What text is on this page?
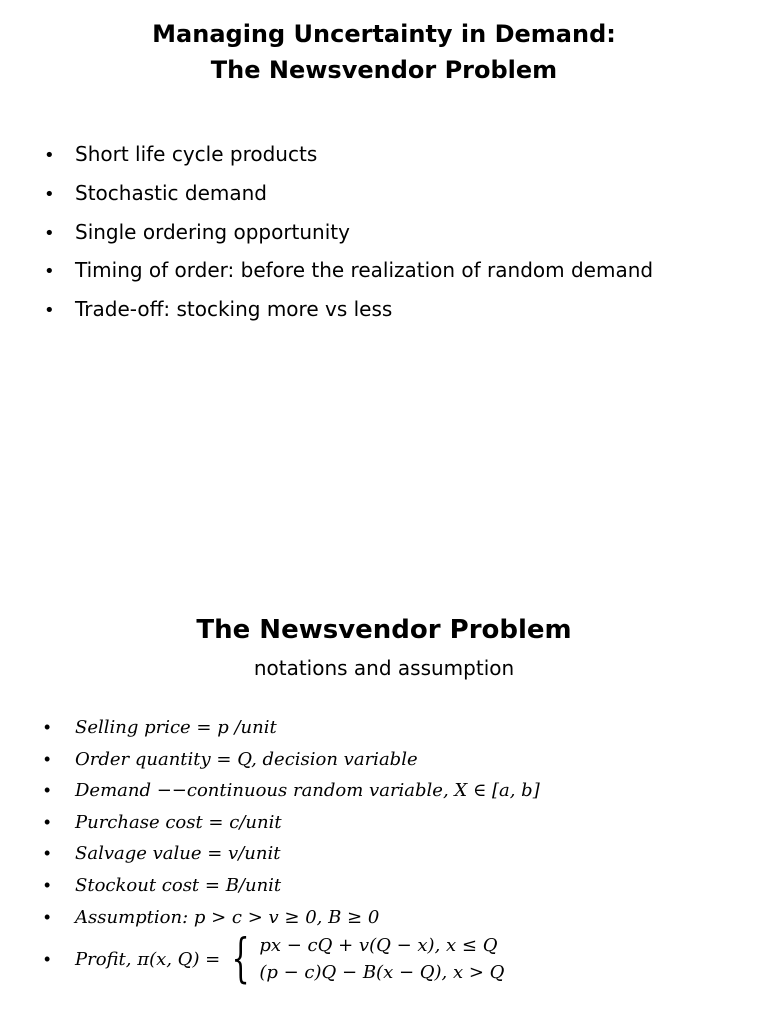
Managing Uncertainty in Demand:
The Newsvendor Problem
• Short life cycle products
• Stochastic demand
• Single ordering opportunity
• Timing of order: before the realization of random demand
• Trade-off: stocking more vs less
The Newsvendor Problem
notations and assumption
• Selling price = p /unit
• Order quantity = Q, decision variable
• Demand −−continuous random variable, X ∈ [a, b]
• Purchase cost = c/unit
• Salvage value = v/unit
• Stockout cost = B/unit
• Assumption: p > c > v ≥ 0, B ≥ 0
•	Profit, π(x, Q) = { px − cQ + v(Q − x), x ≤ Q
(p − c)Q − B(x − Q), x > Q
